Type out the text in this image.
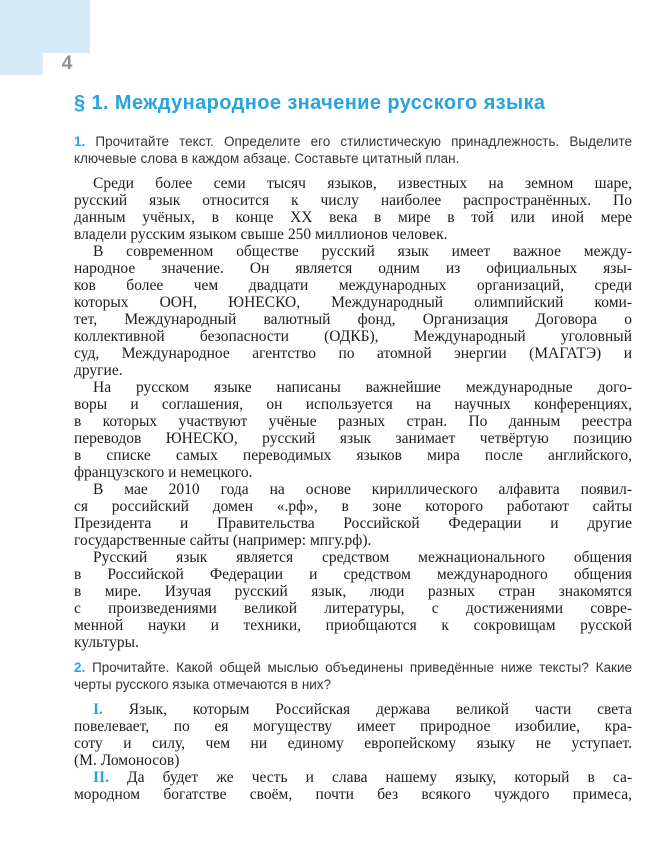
4
§ 1. Международное значение русского языка
1. Прочитайте текст. Определите его стилистическую принадлежность. Выделите
ключевые слова в каждом абзаце. Составьте цитатный план.
Среди более семи тысяч языков, известных на земном шаре,
русский язык относится к числу наиболее распространённых. По
данным учёных, в конце XX века в мире в той или иной мере
владели русским языком свыше 250 миллионов человек.
В современном обществе русский язык имеет важное между-
народное значение. Он является одним из официальных язы-
ков более чем двадцати международных организаций, среди
которых ООН, ЮНЕСКО, Международный олимпийский коми-
тет, Международный валютный фонд, Организация Договора о
коллективной безопасности (ОДКБ), Международный уголовный
суд, Международное агентство по атомной энергии (МАГАТЭ) и
другие.
На русском языке написаны важнейшие международные дого-
воры и соглашения, он используется на научных конференциях,
в которых участвуют учёные разных стран. По данным реестра
переводов ЮНЕСКО, русский язык занимает четвёртую позицию
в списке самых переводимых языков мира после английского,
французского и немецкого.
В мае 2010 года на основе кириллического алфавита появил-
ся российский домен «.рф», в зоне которого работают сайты
Президента и Правительства Российской Федерации и другие
государственные сайты (например: мпгу.рф).
Русский язык является средством межнационального общения
в Российской Федерации и средством международного общения
в мире. Изучая русский язык, люди разных стран знакомятся
с произведениями великой литературы, с достижениями совре-
менной науки и техники, приобщаются к сокровищам русской
культуры.
2. Прочитайте. Какой общей мыслью объединены приведённые ниже тексты? Какие
черты русского языка отмечаются в них?
I. Язык, которым Российская держава великой части света
повелевает, по ея могуществу имеет природное изобилие, кра-
соту и силу, чем ни единому европейскому языку не уступает.
(М. Ломоносов)
II. Да будет же честь и слава нашему языку, который в са-
мородном богатстве своём, почти без всякого чуждого примеса,
